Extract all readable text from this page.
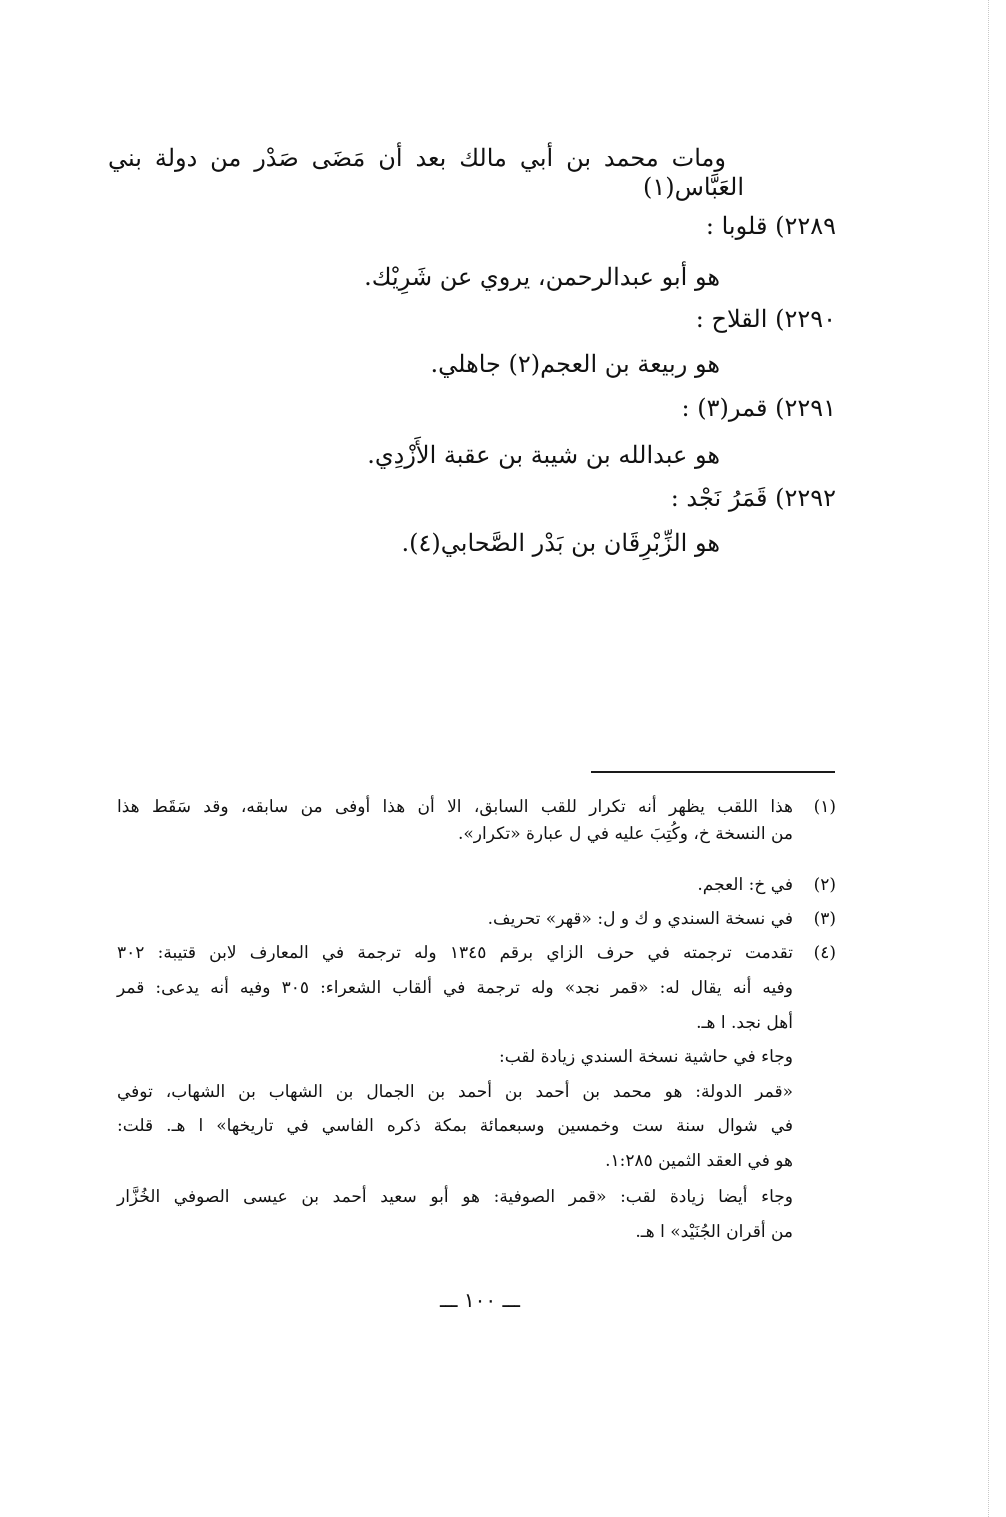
ومات محمد بن أبي مالك بعد أن مَضَى صَدْر من دولة بني
العَبَّاس(١)
٢٢٨٩) قلوبا :
هو أبو عبدالرحمن، يروي عن شَرِيْك.
٢٢٩٠) القلاح :
هو ربيعة بن العجم(٢) جاهلي.
٢٢٩١) قمر(٣) :
هو عبدالله بن شيبة بن عقبة الأَزْدِي.
٢٢٩٢) قَمَرُ نَجْد :
هو الزِّبْرِقَان بن بَدْر الصَّحابي(٤).
(١)
هذا اللقب يظهر أنه تكرار للقب السابق، الا أن هذا أوفى من سابقه، وقد سَقَط هذا
من النسخة خ، وكُتِبَ عليه في ل عبارة «تكرار».
(٢)
في خ: العجم.
(٣)
في نسخة السندي و ك و ل: «قهر» تحريف.
(٤)
تقدمت ترجمته في حرف الزاي برقم ١٣٤٥ وله ترجمة في المعارف لابن قتيبة: ٣٠٢
وفيه أنه يقال له: «قمر نجد» وله ترجمة في ألقاب الشعراء: ٣٠٥ وفيه أنه يدعى: قمر
أهل نجد. ا هـ.
وجاء في حاشية نسخة السندي زيادة لقب:
«قمر الدولة: هو محمد بن أحمد بن أحمد بن الجمال بن الشهاب بن الشهاب، توفي
في شوال سنة ست وخمسين وسبعمائة بمكة ذكره الفاسي في تاريخها» ا هـ. قلت:
هو في العقد الثمين ١:٢٨٥.
وجاء أيضا زيادة لقب: «قمر الصوفية: هو أبو سعيد أحمد بن عيسى الصوفي الخُزَّار
من أقران الجُنَيْد» ا هـ.
ـــ ١٠٠ ـــ
